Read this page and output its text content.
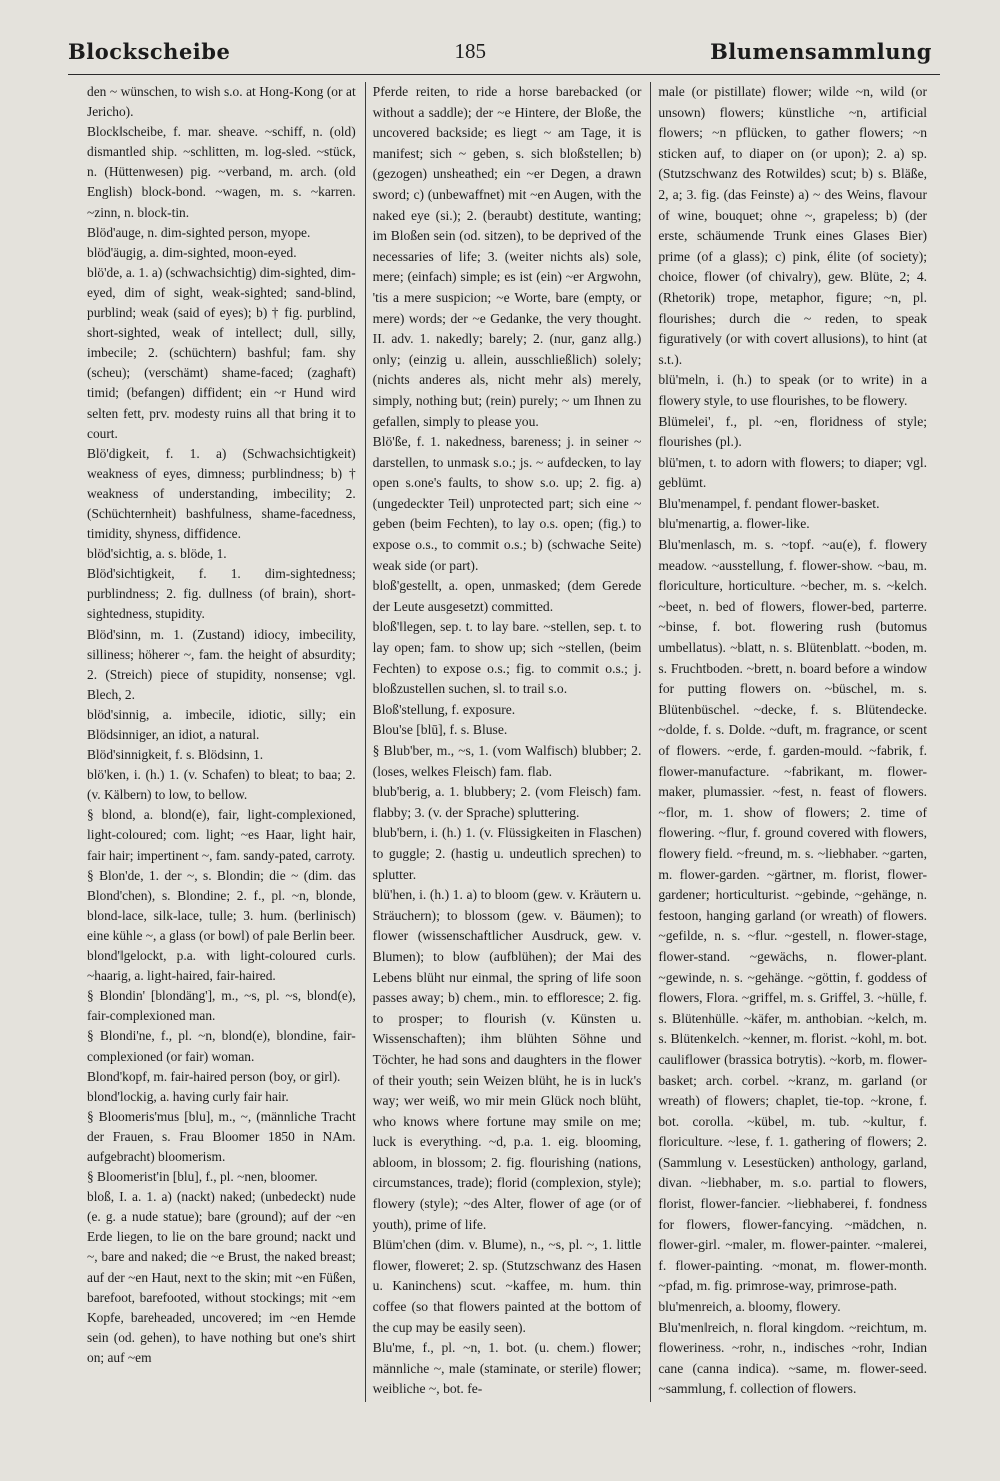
Blockscheibe	185	Blumensammlung

den ~ wünschen, to wish s.o. at Hong-Kong (or at Jericho).

Block‖scheibe, f. mar. sheave. ~schiff, n. (old) dismantled ship. ~schlitten, m. log-sled. ~stück, n. (Hüttenwesen) pig. ~verband, m. arch. (old English) block-bond. ~wagen, m. s. ~karren. ~zinn, n. block-tin.

Blöd'auge, n. dim-sighted person, myope.

blöd'äugig, a. dim-sighted, moon-eyed.

blö'de, a. 1. a) (schwachsichtig) dim-sighted, dim-eyed, dim of sight, weak-sighted; sand-blind, purblind; weak (said of eyes); b) † fig. purblind, short-sighted, weak of intellect; dull, silly, imbecile; 2. (schüchtern) bashful; fam. shy (scheu); (verschämt) shame-faced; (zaghaft) timid; (befangen) diffident; ein ~r Hund wird selten fett, prv. modesty ruins all that bring it to court.

Blö'digkeit, f. 1. a) (Schwachsichtigkeit) weakness of eyes, dimness; purblindness; b) † weakness of understanding, imbecility; 2. (Schüchternheit) bashfulness, shame-facedness, timidity, shyness, diffidence.

blöd'sichtig, a. s. blöde, 1.

Blöd'sichtigkeit, f. 1. dim-sightedness; purblindness; 2. fig. dullness (of brain), short-sightedness, stupidity.

Blöd'sinn, m. 1. (Zustand) idiocy, imbecility, silliness; höherer ~, fam. the height of absurdity; 2. (Streich) piece of stupidity, nonsense; vgl. Blech, 2.

blöd'sinnig, a. imbecile, idiotic, silly; ein Blödsinniger, an idiot, a natural.

Blöd'sinnigkeit, f. s. Blödsinn, 1.

blö'ken, i. (h.) 1. (v. Schafen) to bleat; to baa; 2. (v. Kälbern) to low, to bellow.

§ blond, a. blond(e), fair, light-complexioned, light-coloured; com. light; ~es Haar, light hair, fair hair; impertinent ~, fam. sandy-pated, carroty.

§ Blon'de, 1. der ~, s. Blondin; die ~ (dim. das Blond'chen), s. Blondine; 2. f., pl. ~n, blonde, blond-lace, silk-lace, tulle; 3. hum. (berlinisch) eine kühle ~, a glass (or bowl) of pale Berlin beer.

blond'‖gelockt, p.a. with light-coloured curls. ~haarig, a. light-haired, fair-haired.

§ Blondin' [blondäng'], m., ~s, pl. ~s, blond(e), fair-complexioned man.

§ Blondi'ne, f., pl. ~n, blond(e), blondine, fair-complexioned (or fair) woman.

Blond'kopf, m. fair-haired person (boy, or girl).

blond'lockig, a. having curly fair hair.

§ Bloomeris'mus [blu], m., ~, (männliche Tracht der Frauen, s. Frau Bloomer 1850 in NAm. aufgebracht) bloomerism.

§ Bloomerist'in [blu], f., pl. ~nen, bloomer.

bloß, I. a. 1. a) (nackt) naked; (unbedeckt) nude (e. g. a nude statue); bare (ground); auf der ~en Erde liegen, to lie on the bare ground; nackt und ~, bare and naked; die ~e Brust, the naked breast; auf der ~en Haut, next to the skin; mit ~en Füßen, barefoot, barefooted, without stockings; mit ~em Kopfe, bareheaded, uncovered; im ~en Hemde sein (od. gehen), to have nothing but one's shirt on; auf ~em

Pferde reiten, to ride a horse barebacked (or without a saddle); der ~e Hintere, der Bloße, the uncovered backside; es liegt ~ am Tage, it is manifest; sich ~ geben, s. sich bloßstellen; b) (gezogen) unsheathed; ein ~er Degen, a drawn sword; c) (unbewaffnet) mit ~en Augen, with the naked eye (si.); 2. (beraubt) destitute, wanting; im Bloßen sein (od. sitzen), to be deprived of the necessaries of life; 3. (weiter nichts als) sole, mere; (einfach) simple; es ist (ein) ~er Argwohn, 'tis a mere suspicion; ~e Worte, bare (empty, or mere) words; der ~e Gedanke, the very thought. II. adv. 1. nakedly; barely; 2. (nur, ganz allg.) only; (einzig u. allein, ausschließlich) solely; (nichts anderes als, nicht mehr als) merely, simply, nothing but; (rein) purely; ~ um Ihnen zu gefallen, simply to please you.

Blö'ße, f. 1. nakedness, bareness; j. in seiner ~ darstellen, to unmask s.o.; js. ~ aufdecken, to lay open s.one's faults, to show s.o. up; 2. fig. a) (ungedeckter Teil) unprotected part; sich eine ~ geben (beim Fechten), to lay o.s. open; (fig.) to expose o.s., to commit o.s.; b) (schwache Seite) weak side (or part).

bloß'gestellt, a. open, unmasked; (dem Gerede der Leute ausgesetzt) committed.

bloß'‖legen, sep. t. to lay bare. ~stellen, sep. t. to lay open; fam. to show up; sich ~stellen, (beim Fechten) to expose o.s.; fig. to commit o.s.; j. bloßzustellen suchen, sl. to trail s.o.

Bloß'stellung, f. exposure.

Blou'se [blū], f. s. Bluse.

§ Blub'ber, m., ~s, 1. (vom Walfisch) blubber; 2. (loses, welkes Fleisch) fam. flab.

blub'berig, a. 1. blubbery; 2. (vom Fleisch) fam. flabby; 3. (v. der Sprache) spluttering.

blub'bern, i. (h.) 1. (v. Flüssigkeiten in Flaschen) to guggle; 2. (hastig u. undeutlich sprechen) to splutter.

blü'hen, i. (h.) 1. a) to bloom (gew. v. Kräutern u. Sträuchern); to blossom (gew. v. Bäumen); to flower (wissenschaftlicher Ausdruck, gew. v. Blumen); to blow (aufblühen); der Mai des Lebens blüht nur einmal, the spring of life soon passes away; b) chem., min. to effloresce; 2. fig. to prosper; to flourish (v. Künsten u. Wissenschaften); ihm blühten Söhne und Töchter, he had sons and daughters in the flower of their youth; sein Weizen blüht, he is in luck's way; wer weiß, wo mir mein Glück noch blüht, who knows where fortune may smile on me; luck is everything. ~d, p.a. 1. eig. blooming, abloom, in blossom; 2. fig. flourishing (nations, circumstances, trade); florid (complexion, style); flowery (style); ~des Alter, flower of age (or of youth), prime of life.

Blüm'chen (dim. v. Blume), n., ~s, pl. ~, 1. little flower, floweret; 2. sp. (Stutzschwanz des Hasen u. Kaninchens) scut. ~kaffee, m. hum. thin coffee (so that flowers painted at the bottom of the cup may be easily seen).

Blu'me, f., pl. ~n, 1. bot. (u. chem.) flower; männliche ~, male (staminate, or sterile) flower; weibliche ~, bot. fe-

male (or pistillate) flower; wilde ~n, wild (or unsown) flowers; künstliche ~n, artificial flowers; ~n pflücken, to gather flowers; ~n sticken auf, to diaper on (or upon); 2. a) sp. (Stutzschwanz des Rotwildes) scut; b) s. Bläße, 2, a; 3. fig. (das Feinste) a) ~ des Weins, flavour of wine, bouquet; ohne ~, grapeless; b) (der erste, schäumende Trunk eines Glases Bier) prime (of a glass); c) pink, élite (of society); choice, flower (of chivalry), gew. Blüte, 2; 4. (Rhetorik) trope, metaphor, figure; ~n, pl. flourishes; durch die ~ reden, to speak figuratively (or with covert allusions), to hint (at s.t.).

blü'meln, i. (h.) to speak (or to write) in a flowery style, to use flourishes, to be flowery.

Blümelei', f., pl. ~en, floridness of style; flourishes (pl.).

blü'men, t. to adorn with flowers; to diaper; vgl. geblümt.

Blu'menampel, f. pendant flower-basket.

blu'menartig, a. flower-like.

Blu'men‖asch, m. s. ~topf. ~au(e), f. flowery meadow. ~ausstellung, f. flower-show. ~bau, m. floriculture, horticulture. ~becher, m. s. ~kelch. ~beet, n. bed of flowers, flower-bed, parterre. ~binse, f. bot. flowering rush (butomus umbellatus). ~blatt, n. s. Blütenblatt. ~boden, m. s. Fruchtboden. ~brett, n. board before a window for putting flowers on. ~büschel, m. s. Blütenbüschel. ~decke, f. s. Blütendecke. ~dolde, f. s. Dolde. ~duft, m. fragrance, or scent of flowers. ~erde, f. garden-mould. ~fabrik, f. flower-manufacture. ~fabrikant, m. flower-maker, plumassier. ~fest, n. feast of flowers. ~flor, m. 1. show of flowers; 2. time of flowering. ~flur, f. ground covered with flowers, flowery field. ~freund, m. s. ~liebhaber. ~garten, m. flower-garden. ~gärtner, m. florist, flower-gardener; horticulturist. ~gebinde, ~gehänge, n. festoon, hanging garland (or wreath) of flowers. ~gefilde, n. s. ~flur. ~gestell, n. flower-stage, flower-stand. ~gewächs, n. flower-plant. ~gewinde, n. s. ~gehänge. ~göttin, f. goddess of flowers, Flora. ~griffel, m. s. Griffel, 3. ~hülle, f. s. Blütenhülle. ~käfer, m. anthobian. ~kelch, m. s. Blütenkelch. ~kenner, m. florist. ~kohl, m. bot. cauliflower (brassica botrytis). ~korb, m. flower-basket; arch. corbel. ~kranz, m. garland (or wreath) of flowers; chaplet, tie-top. ~krone, f. bot. corolla. ~kübel, m. tub. ~kultur, f. floriculture. ~lese, f. 1. gathering of flowers; 2. (Sammlung v. Lesestücken) anthology, garland, divan. ~liebhaber, m. s.o. partial to flowers, florist, flower-fancier. ~liebhaberei, f. fondness for flowers, flower-fancying. ~mädchen, n. flower-girl. ~maler, m. flower-painter. ~malerei, f. flower-painting. ~monat, m. flower-month. ~pfad, m. fig. primrose-way, primrose-path.

blu'menreich, a. bloomy, flowery.

Blu'men‖reich, n. floral kingdom. ~reichtum, m. floweriness. ~rohr, n., indisches ~rohr, Indian cane (canna indica). ~same, m. flower-seed. ~sammlung, f. collection of flowers.
